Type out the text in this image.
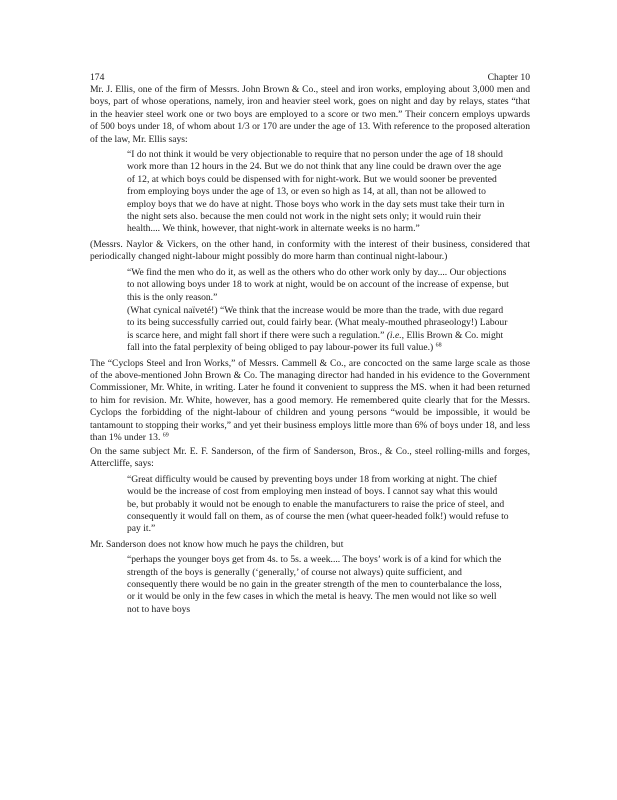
174	Chapter 10

Mr. J. Ellis, one of the firm of Messrs. John Brown & Co., steel and iron works, employing about 3,000 men and boys, part of whose operations, namely, iron and heavier steel work, goes on night and day by relays, states “that in the heavier steel work one or two boys are employed to a score or two men.” Their concern employs upwards of 500 boys under 18, of whom about 1/3 or 170 are under the age of 13. With reference to the proposed alteration of the law, Mr. Ellis says:

“I do not think it would be very objectionable to require that no person under the age of 18 should work more than 12 hours in the 24. But we do not think that any line could be drawn over the age of 12, at which boys could be dispensed with for night-work. But we would sooner be prevented from employing boys under the age of 13, or even so high as 14, at all, than not be allowed to employ boys that we do have at night. Those boys who work in the day sets must take their turn in the night sets also. because the men could not work in the night sets only; it would ruin their health.... We think, however, that night-work in alternate weeks is no harm.”

(Messrs. Naylor & Vickers, on the other hand, in conformity with the interest of their business, considered that periodically changed night-labour might possibly do more harm than continual night-labour.)

“We find the men who do it, as well as the others who do other work only by day.... Our objections to not allowing boys under 18 to work at night, would be on account of the increase of expense, but this is the only reason.”

(What cynical naïveté!) “We think that the increase would be more than the trade, with due regard to its being successfully carried out, could fairly bear. (What mealy-mouthed phraseology!) Labour is scarce here, and might fall short if there were such a regulation.” (i.e., Ellis Brown & Co. might fall into the fatal perplexity of being obliged to pay labour-power its full value.) $^{68}$

The “Cyclops Steel and Iron Works,” of Messrs. Cammell & Co., are concocted on the same large scale as those of the above-mentioned John Brown & Co. The managing director had handed in his evidence to the Government Commissioner, Mr. White, in writing. Later he found it convenient to suppress the MS. when it had been returned to him for revision. Mr. White, however, has a good memory. He remembered quite clearly that for the Messrs. Cyclops the forbidding of the night-labour of children and young persons “would be impossible, it would be tantamount to stopping their works,” and yet their business employs little more than 6% of boys under 18, and less than 1% under 13. $^{69}$

On the same subject Mr. E. F. Sanderson, of the firm of Sanderson, Bros., & Co., steel rolling-mills and forges, Attercliffe, says:

“Great difficulty would be caused by preventing boys under 18 from working at night. The chief would be the increase of cost from employing men instead of boys. I cannot say what this would be, but probably it would not be enough to enable the manufacturers to raise the price of steel, and consequently it would fall on them, as of course the men (what queer-headed folk!) would refuse to pay it.”

Mr. Sanderson does not know how much he pays the children, but

“perhaps the younger boys get from 4s. to 5s. a week.... The boys’ work is of a kind for which the strength of the boys is generally (‘generally,’ of course not always) quite sufficient, and consequently there would be no gain in the greater strength of the men to counterbalance the loss, or it would be only in the few cases in which the metal is heavy. The men would not like so well not to have boys
